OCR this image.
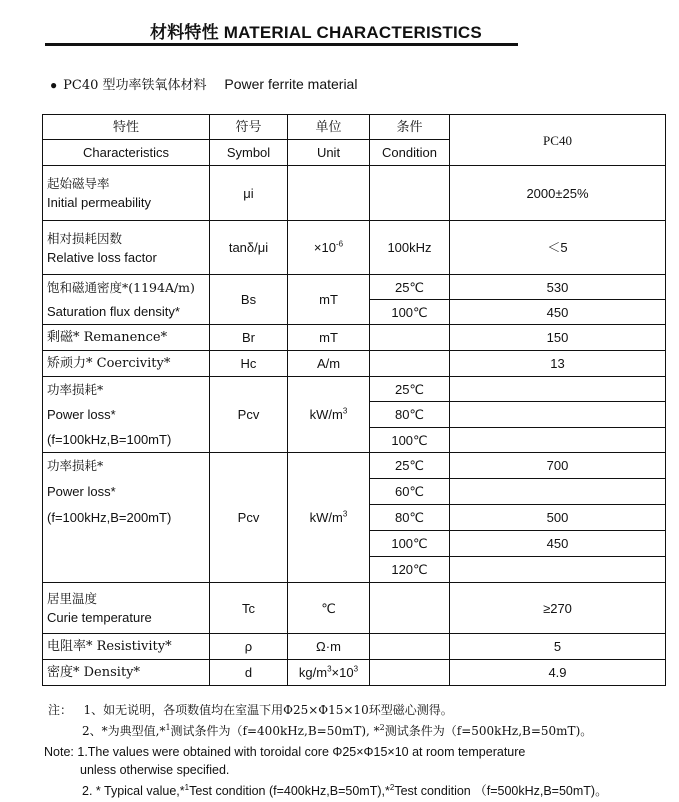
材料特性 MATERIAL CHARACTERISTICS
● PC40 型功率铁氧体材料 Power ferrite material
特性	符号	单位	条件	PC40
Characteristics	Symbol	Unit	Condition	

起始磁导率
Initial permeability	μi			2000±25%

相对损耗因数
Relative loss factor	tanδ/μi	$\times 10^{-6}$	100kHz	＜5

饱和磁通密度*(1194A/m)
Saturation flux density*	Bs	mT	25℃	530
			100℃	450
剩磁* Remanence*	Br	mT		150
矫顽力* Coercivity*	Hc	A/m		13

功率损耗*
Power loss*
(f=100kHz,B=100mT)	Pcv	$kW/m^3$	25℃	
			80℃	
			100℃	

功率损耗*
Power loss*
(f=100kHz,B=200mT)	Pcv	$kW/m^3$	25℃	700
			60℃	
			80℃	500
			100℃	450
			120℃	

居里温度
Curie temperature	Tc	℃		≥270
电阻率* Resistivity*	ρ	Ω·m		5
密度* Density*	d	$kg/m^3\times 10^3$		4.9
注： 1、如无说明，各项数值均在室温下用Φ25×Φ15×10环型磁心测得。
2、*为典型值,*$^1$测试条件为（f=400kHz,B=50mT), *$^2$测试条件为（f=500kHz,B=50mT)。
Note: 1.The values were obtained with toroidal core Φ25×Φ15×10 at room temperature
unless otherwise specified.
2. * Typical value,*$^1$Test condition (f=400kHz,B=50mT),*$^2$Test condition （f=500kHz,B=50mT)。
